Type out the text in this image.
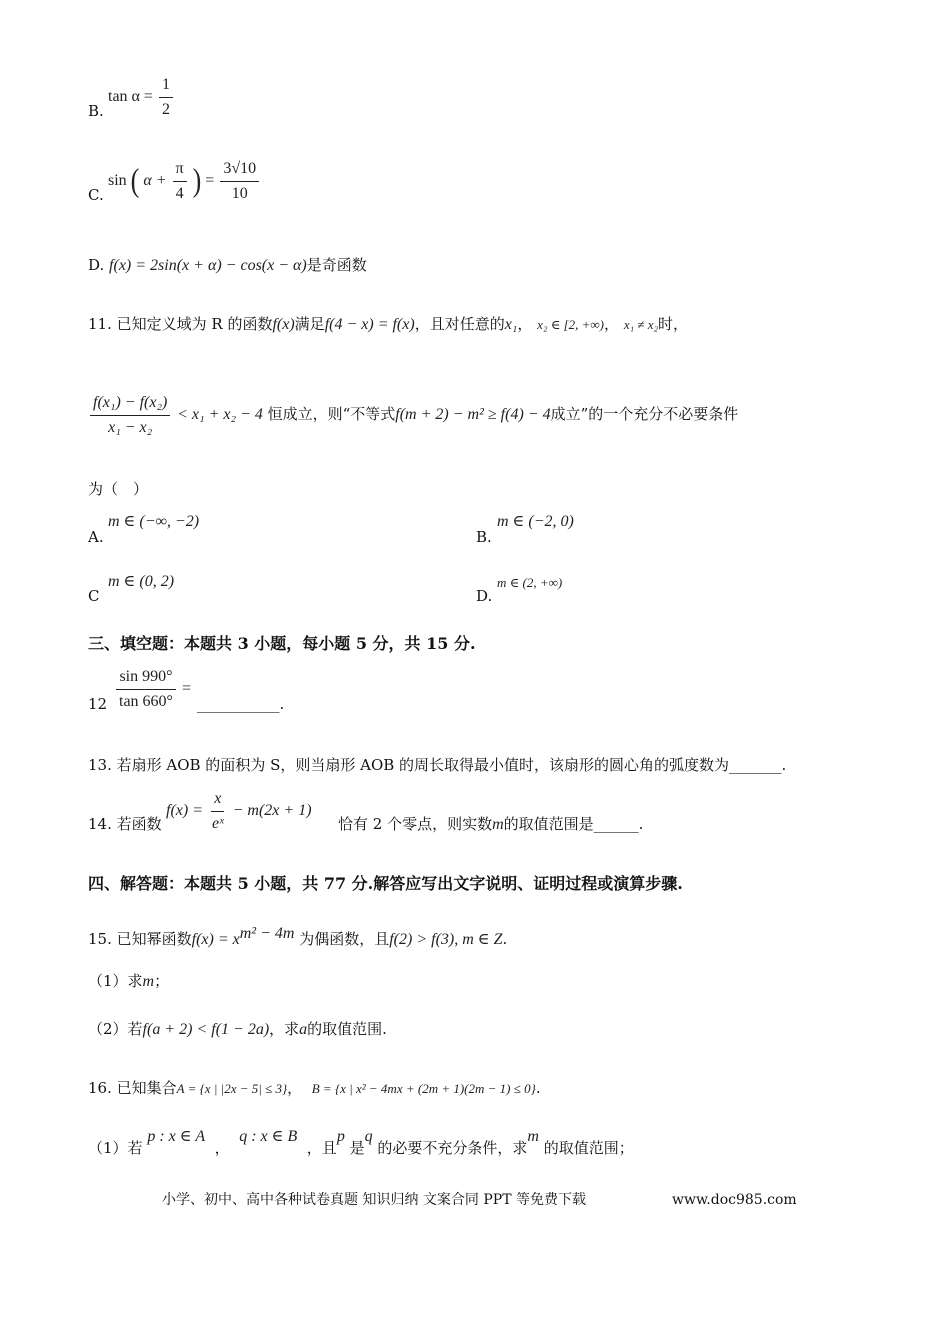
B.
$\tan \alpha = \frac{1}{2}$
C.
sin ( $\alpha + \frac{\pi}{4}$ ) = $\frac{3√10}{10}$
D. f(x) = 2sin(x + α) − cos(x − α)是奇函数
11. 已知定义域为 R 的函数f(x)满足f(4 − x) = f(x)，且对任意的x₁， x₂ ∈ [2, +∞)， x₁ ≠ x₂时，
$\frac{\text{f(x₁) − f(x₂)}}{\text{x₁ − x₂}} < x_1 + x_2 - 4$ 恒成立，则“不等式f(m + 2) − m² ≥ f(4) − 4成立”的一个充分不必要条件
为（　）
A.
m ∈ (−∞, −2)
B.
m ∈ (−2, 0)
C
m ∈ (0, 2)
D.
m ∈ (2, +∞)
三、填空题：本题共 3 小题，每小题 5 分，共 15 分.
$12 \frac{\sin 990^\circ}{\tan 660^\circ}$ =
___________.
13. 若扇形 AOB 的面积为 S，则当扇形 AOB 的周长取得最小值时，该扇形的圆心角的弧度数为_______.
14. 若函数
$f(x) = \frac{x}{\text{eˣ}} - m(2x + 1)$
恰有 2 个零点，则实数m的取值范围是______.
四、解答题：本题共 5 小题，共 77 分.解答应写出文字说明、证明过程或演算步骤.
15. 已知幂函数$f(x) = x^{m^2 - 4m}$ 为偶函数，且f(2) > f(3), m ∈ Z.
（1）求m；
（2）若f(a + 2) < f(1 − 2a)，求a的取值范围.
16. 已知集合A = {x | |2x − 5| ≤ 3}， B = {x | x² − 4mx + (2m + 1)(2m − 1) ≤ 0}.
（1）若 p : x ∈ A  ，  q : x ∈ B  ，且p 是q 的必要不充分条件，求m 的取值范围；
小学、初中、高中各种试卷真题 知识归纳 文案合同 PPT 等免费下载	www.doc985.com
